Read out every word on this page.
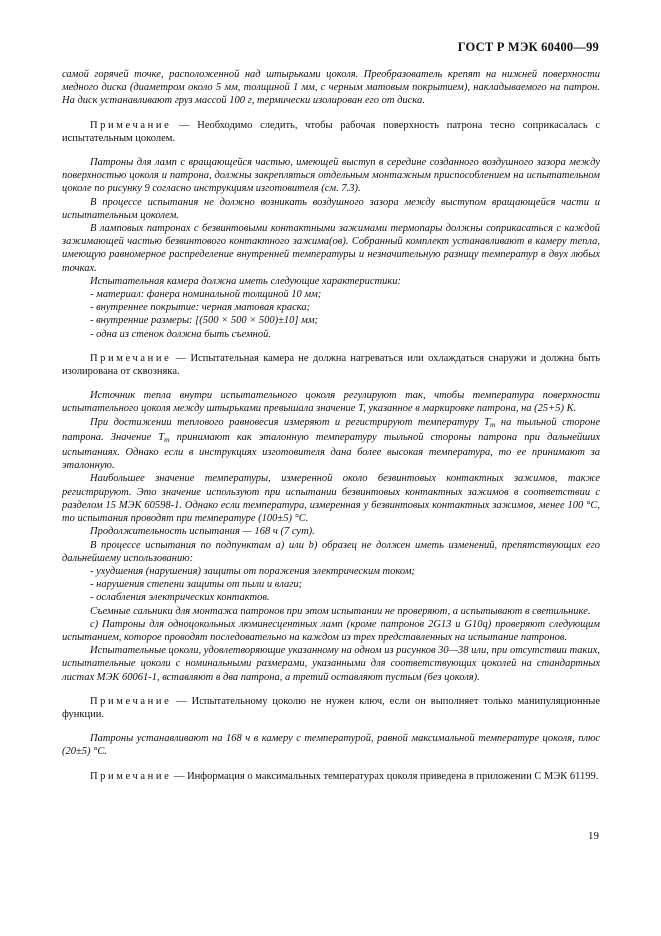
ГОСТ Р МЭК 60400—99

самой горячей точке, расположенной над штырьками цоколя. Преобразователь крепят на нижней поверхности медного диска (диаметром около 5 мм, толщиной 1 мм, с черным матовым покрытием), накладываемого на патрон. На диск устанавливают груз массой 100 г, термически изолирован его от диска.

Примечание — Необходимо следить, чтобы рабочая поверхность патрона тесно соприкасалась с испытательным цоколем.

Патроны для ламп с вращающейся частью, имеющей выступ в середине созданного воздушного зазора между поверхностью цоколя и патрона, должны закрепляться отдельным монтажным приспособлением на испытательном цоколе по рисунку 9 согласно инструкциям изготовителя (см. 7.3).

В процессе испытания не должно возникать воздушного зазора между выступом вращающейся части и испытательным цоколем.

В ламповых патронах с безвинтовыми контактными зажимами термопары должны соприкасаться с каждой зажимающей частью безвинтового контактного зажима(ов). Собранный комплект устанавливают в камеру тепла, имеющую равномерное распределение внутренней температуры и незначительную разницу температур в двух любых точках.

Испытательная камера должна иметь следующие характеристики:

- материал: фанера номинальной толщиной 10 мм;
- внутреннее покрытие: черная матовая краска;
- внутренние размеры: [(500 × 500 × 500)±10] мм;
- одна из стенок должна быть съемной.

Примечание — Испытательная камера не должна нагреваться или охлаждаться снаружи и должна быть изолирована от сквозняка.

Источник тепла внутри испытательного цоколя регулируют так, чтобы температура поверхности испытательного цоколя между штырьками превышала значение T, указанное в маркировке патрона, на (25+5) K.

При достижении теплового равновесия измеряют и регистрируют температуру $T_m$ на тыльной стороне патрона. Значение $T_m$ принимают как эталонную температуру тыльной стороны патрона при дальнейших испытаниях. Однако если в инструкциях изготовителя дана более высокая температура, то ее принимают за эталонную.

Наибольшее значение температуры, измеренной около безвинтовых контактных зажимов, также регистрируют. Это значение используют при испытании безвинтовых контактных зажимов в соответствии с разделом 15 МЭК 60598-1. Однако если температура, измеренная у безвинтовых контактных зажимов, менее 100 °С, то испытания проводят при температуре (100±5) °С.

Продолжительность испытания — 168 ч (7 сут).

В процессе испытания по подпунктам a) или b) образец не должен иметь изменений, препятствующих его дальнейшему использованию:

- ухудшения (нарушения) защиты от поражения электрическим током;
- нарушения степени защиты от пыли и влаги;
- ослабления электрических контактов.

Съемные сальники для монтажа патронов при этом испытании не проверяют, а испытывают в светильнике.

c) Патроны для одноцокольных люминесцентных ламп (кроме патронов 2G13 и G10q) проверяют следующим испытанием, которое проводят последовательно на каждом из трех представленных на испытание патронов.

Испытательные цоколи, удовлетворяющие указанному на одном из рисунков 30—38 или, при отсутствии таких, испытательные цоколи с номинальными размерами, указанными для соответствующих цоколей на стандартных листах МЭК 60061-1, вставляют в два патрона, а третий оставляют пустым (без цоколя).

Примечание — Испытательному цоколю не нужен ключ, если он выполняет только манипуляционные функции.

Патроны устанавливают на 168 ч в камеру с температурой, равной максимальной температуре цоколя, плюс (20±5) °С.

Примечание — Информация о максимальных температурах цоколя приведена в приложении С МЭК 61199.

19
